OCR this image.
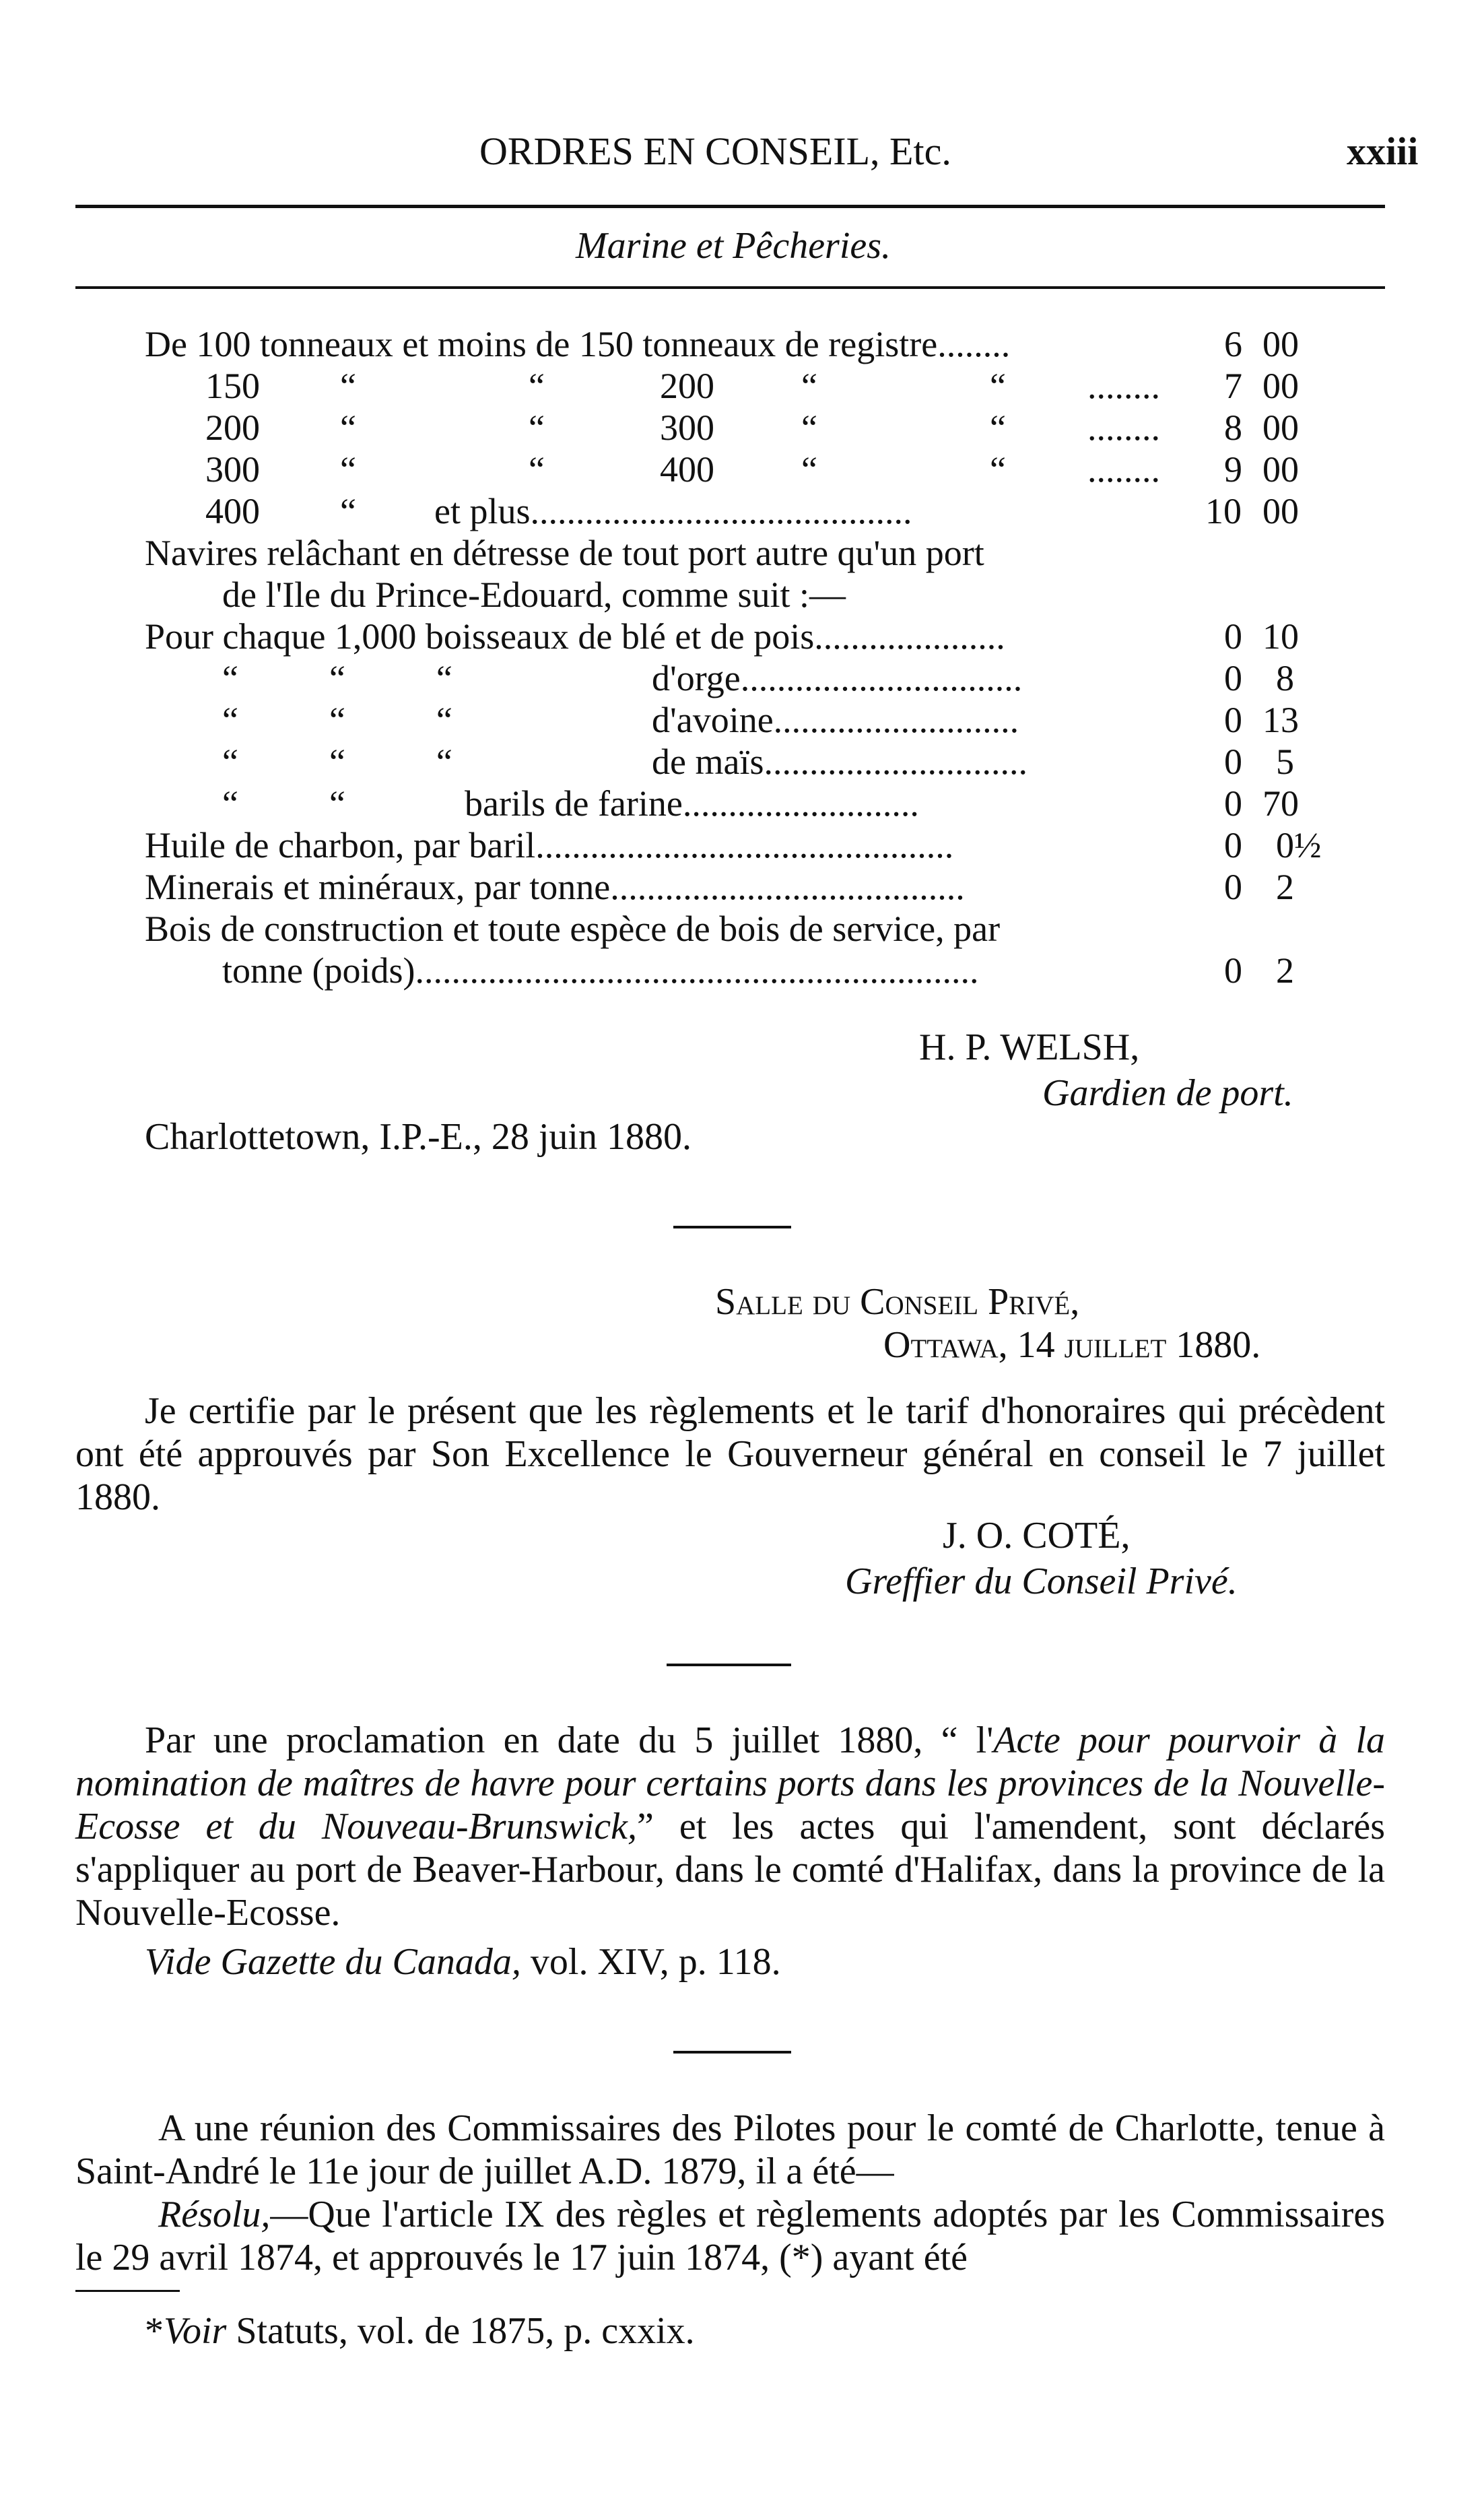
ORDRES EN CONSEIL, Etc.	xxiii
Marine et Pêcheries.
De 100 tonneaux et moins de 150 tonneaux de registre........	6 00
150 “	“	200 “	“ ........ 7 00
200 “	“	300 “	“ ........ 8 00
300 “	“	400 “	“ ........ 9 00
400 “ et plus..........................................	10 00
Navires relâchant en détresse de tout port autre qu'un port
de l'Ile du Prince-Edouard, comme suit :—
Pour chaque 1,000 boisseaux de blé et de pois.....................	0 10
“          “          “	d'orge...............................	0 8
“          “          “	d'avoine...........................	0 13
“          “          “	de maïs.............................	0 5
“          “	barils de farine..........................	0 70
Huile de charbon, par baril..............................................	0 0½
Minerais et minéraux, par tonne.......................................	0 2
Bois de construction et toute espèce de bois de service, par
tonne (poids)..............................................................	0 2
H. P. WELSH,
Gardien de port.
Charlottetown, I.P.-E., 28 juin 1880.
Salle du Conseil Privé,
Ottawa, 14 juillet 1880.
Je certifie par le présent que les règlements et le tarif d'honoraires qui précèdent ont été approuvés par Son Excellence le Gouverneur général en conseil le 7 juillet 1880.
J. O. COTÉ,
Greffier du Conseil Privé.
Par une proclamation en date du 5 juillet 1880, “ l'Acte pour pourvoir à la nomination de maîtres de havre pour certains ports dans les provinces de la Nouvelle-Ecosse et du Nouveau-Brunswick,” et les actes qui l'amendent, sont déclarés s'appliquer au port de Beaver-Harbour, dans le comté d'Halifax, dans la province de la Nouvelle-Ecosse.
Vide Gazette du Canada, vol. XIV, p. 118.
A une réunion des Commissaires des Pilotes pour le comté de Charlotte, tenue à Saint-André le 11e jour de juillet A.D. 1879, il a été—
Résolu,—Que l'article IX des règles et règlements adoptés par les Commissaires le 29 avril 1874, et approuvés le 17 juin 1874, (*) ayant été
*Voir Statuts, vol. de 1875, p. cxxix.
